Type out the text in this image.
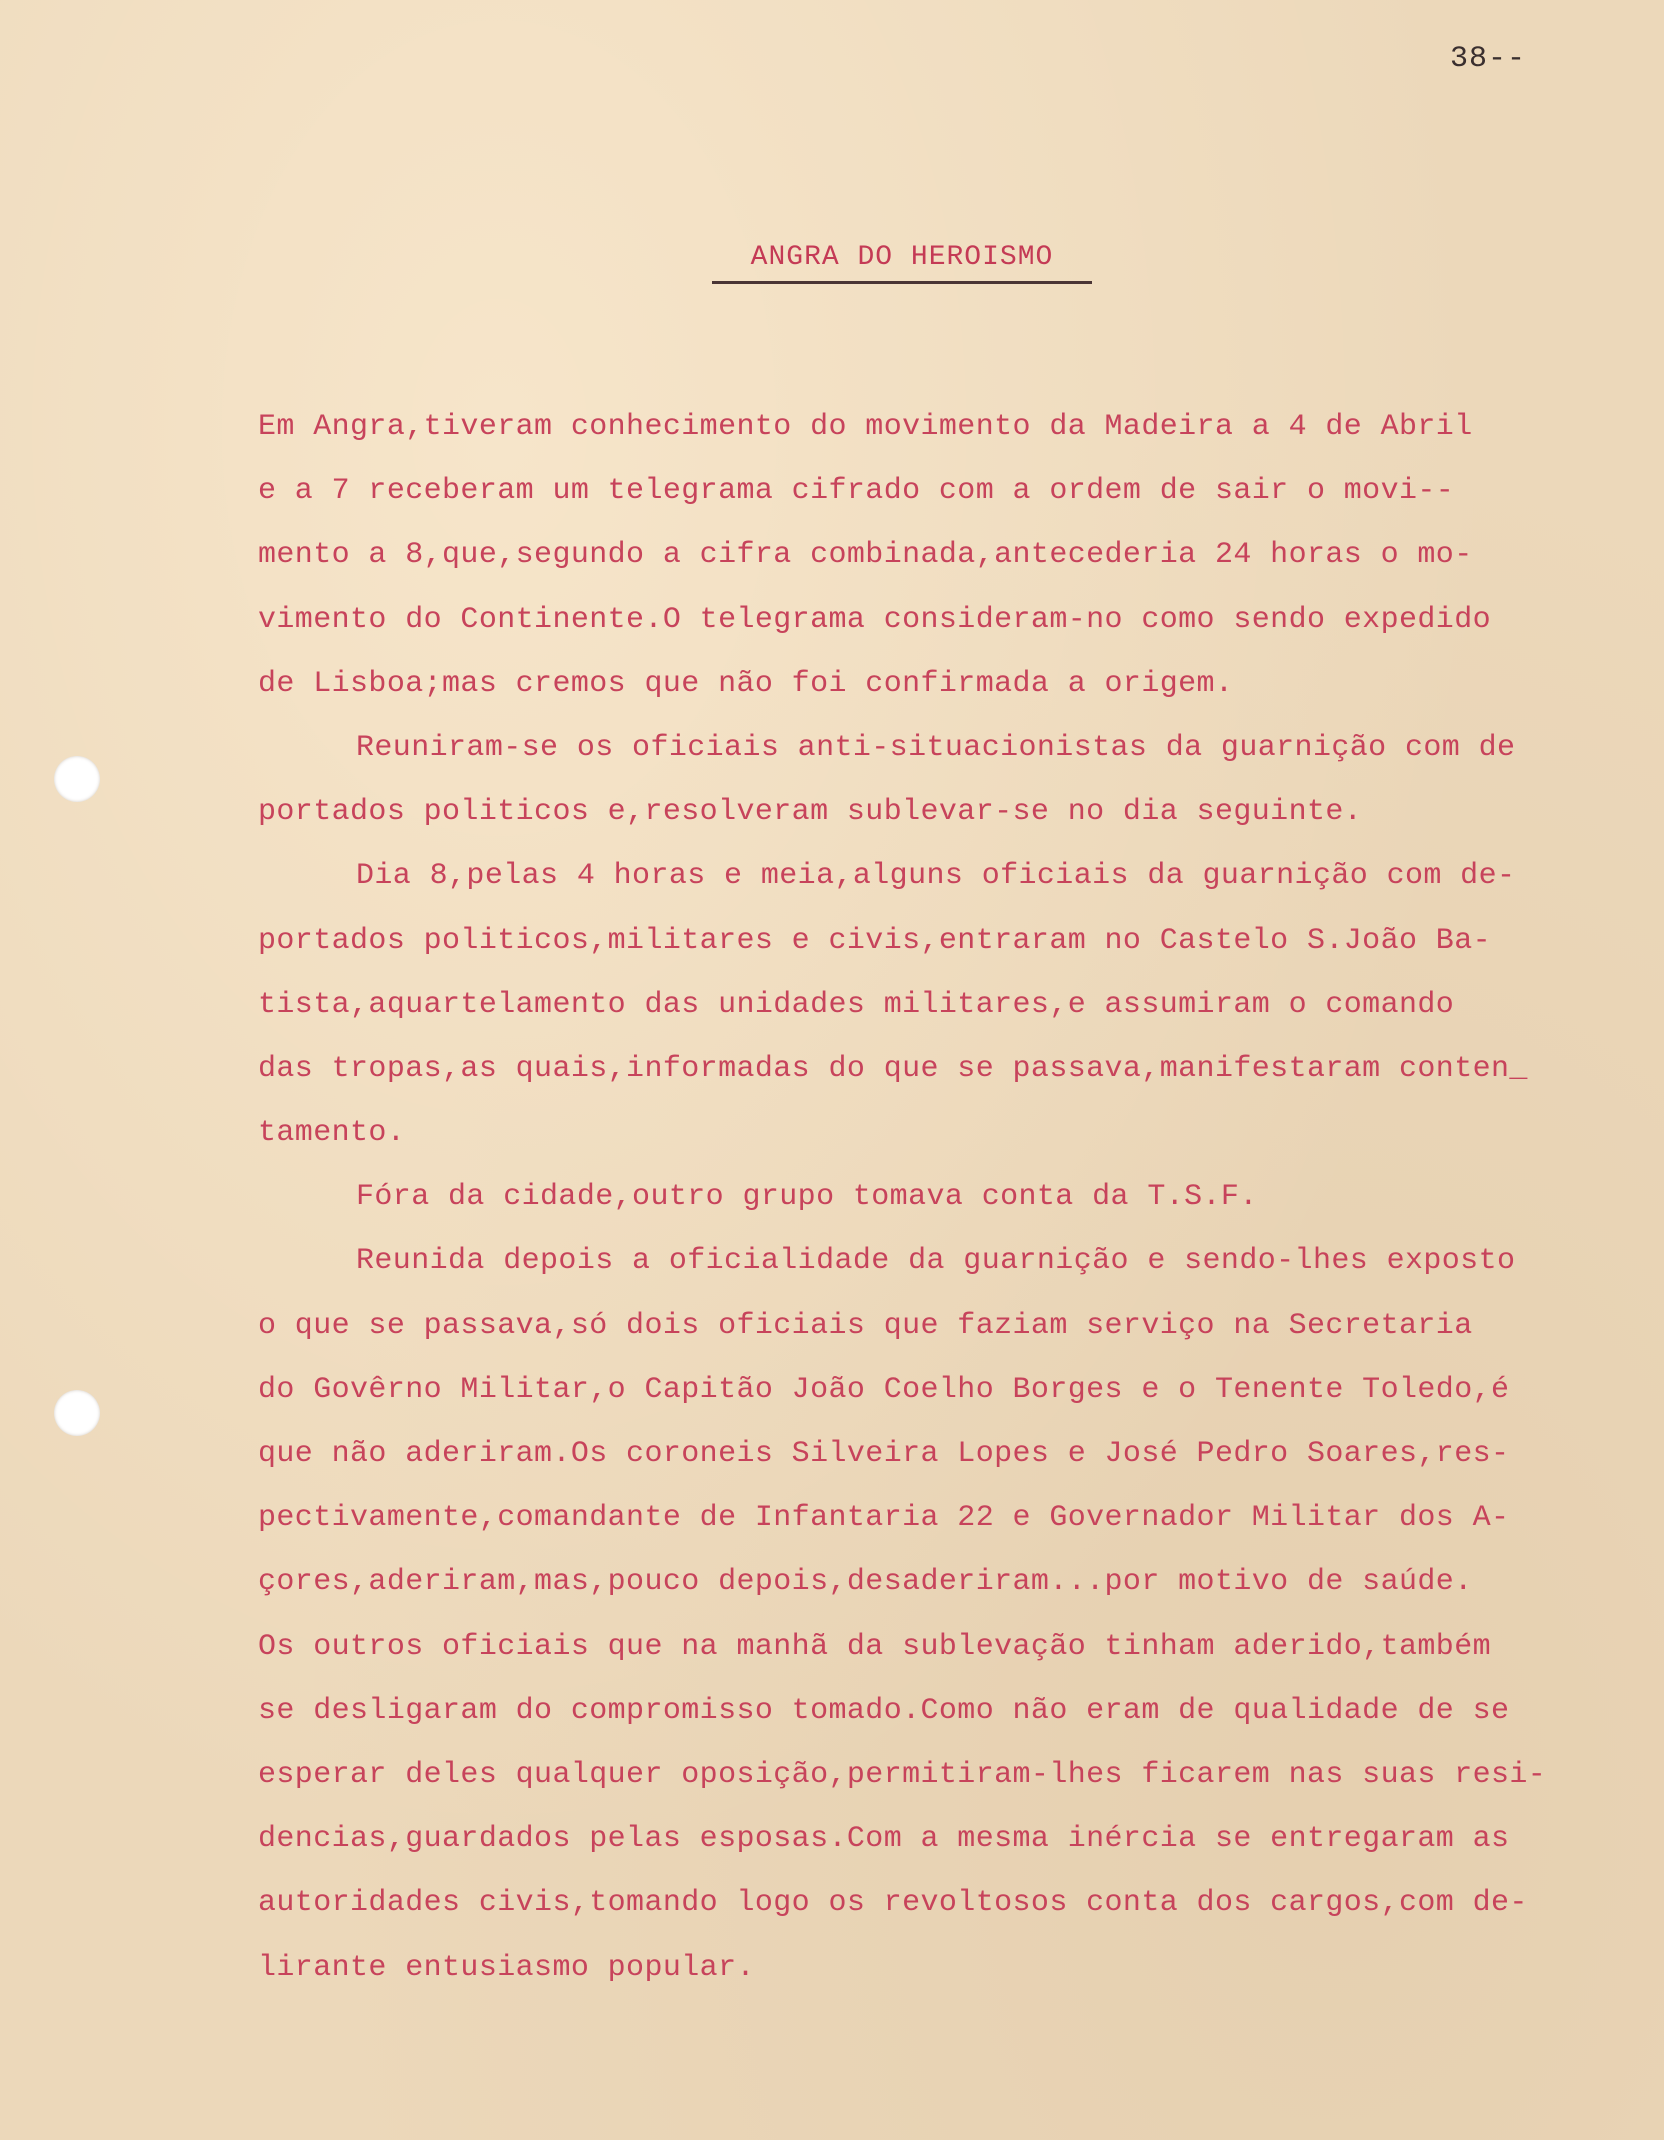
38--
ANGRA DO HEROISMO
Em Angra,tiveram conhecimento do movimento da Madeira a 4 de Abril
e a 7 receberam um telegrama cifrado com a ordem de sair o movi--
mento a 8,que,segundo a cifra combinada,antecederia 24 horas o mo-
vimento do Continente.O telegrama consideram-no como sendo expedido
de Lisboa;mas cremos que não foi confirmada a origem.
Reuniram-se os oficiais anti-situacionistas da guarnição com de
portados politicos e,resolveram sublevar-se no dia seguinte.
Dia 8,pelas 4 horas e meia,alguns oficiais da guarnição com de-
portados politicos,militares e civis,entraram no Castelo S.João Ba-
tista,aquartelamento das unidades militares,e assumiram o comando
das tropas,as quais,informadas do que se passava,manifestaram conten_
tamento.
Fóra da cidade,outro grupo tomava conta da T.S.F.
Reunida depois a oficialidade da guarnição e sendo-lhes exposto
o que se passava,só dois oficiais que faziam serviço na Secretaria
do Govêrno Militar,o Capitão João Coelho Borges e o Tenente Toledo,é
que não aderiram.Os coroneis Silveira Lopes e José Pedro Soares,res-
pectivamente,comandante de Infantaria 22 e Governador Militar dos A-
çores,aderiram,mas,pouco depois,desaderiram...por motivo de saúde.
Os outros oficiais que na manhã da sublevação tinham aderido,também
se desligaram do compromisso tomado.Como não eram de qualidade de se
esperar deles qualquer oposição,permitiram-lhes ficarem nas suas resi-
dencias,guardados pelas esposas.Com a mesma inércia se entregaram as
autoridades civis,tomando logo os revoltosos conta dos cargos,com de-
lirante entusiasmo popular.
